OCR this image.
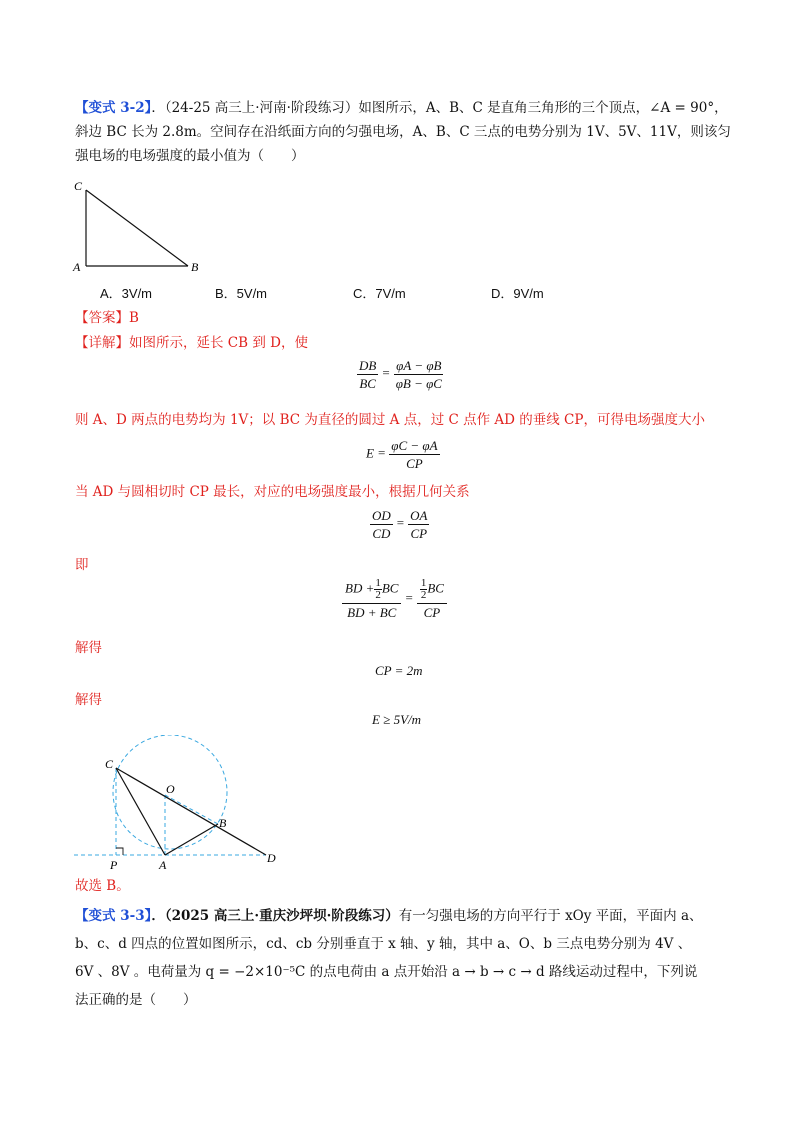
【变式 3-2】．（24-25 高三上·河南·阶段练习）如图所示，A、B、C 是直角三角形的三个顶点，∠A = 90°，
斜边 BC 长为 2.8m。空间存在沿纸面方向的匀强电场，A、B、C 三点的电势分别为 1V、5V、11V，则该匀
强电场的电场强度的最小值为（　　）
C
A	B
A．3V/m	B．5V/m	C．7V/m	D．9V/m
【答案】B
【详解】如图所示，延长 CB 到 D，使
$\frac{DB}{BC} = \frac{\varphi A - \varphi B}{\varphi B - \varphi C}$
则 A、D 两点的电势均为 1V；以 BC 为直径的圆过 A 点，过 C 点作 AD 的垂线 CP，可得电场强度大小
$E = \frac{\varphi C - \varphi A}{CP}$
当 AD 与圆相切时 CP 最长，对应的电场强度最小，根据几何关系
$\frac{OD}{CD} = \frac{OA}{CP}$
即
$\frac{BD + \frac{1}{2} BC}{BD + BC} = \frac{\frac{1}{2} BC}{CP}$
解得
CP = 2m
解得
E ≥ 5V/m
C
O
B
P	A	D
故选 B。
【变式 3-3】．（2025 高三上·重庆沙坪坝·阶段练习）有一匀强电场的方向平行于 xOy 平面，平面内 a、
b、c、d 四点的位置如图所示，cd、cb 分别垂直于 x 轴、y 轴，其中 a、O、b 三点电势分别为 4V 、
6V 、8V 。电荷量为 q = −2×10⁻⁵C 的点电荷由 a 点开始沿 a → b → c → d 路线运动过程中，下列说
法正确的是（　　）
